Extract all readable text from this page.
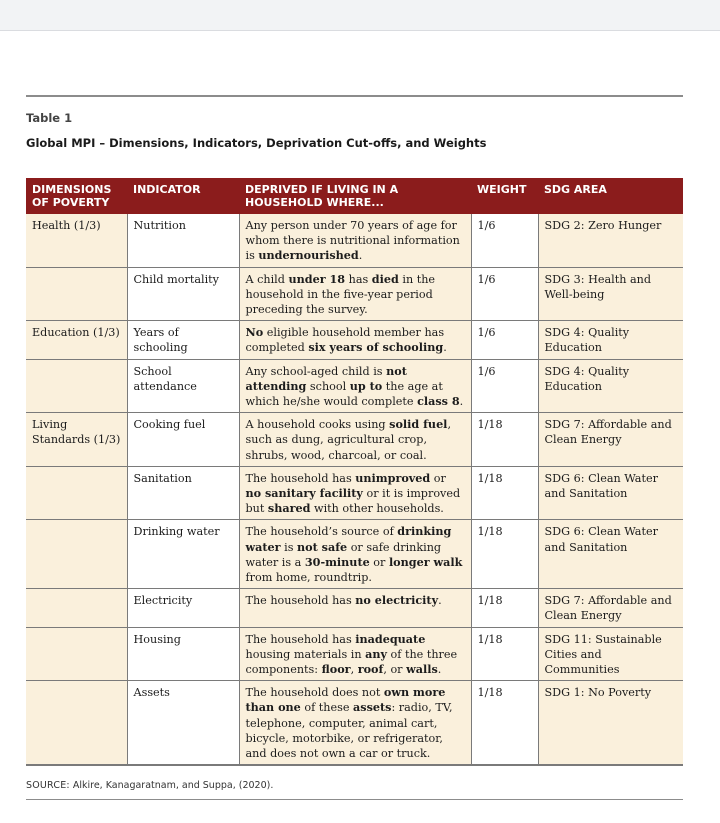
Table 1
Global MPI – Dimensions, Indicators, Deprivation Cut-offs, and Weights
DIMENSIONS OF POVERTY	INDICATOR	DEPRIVED IF LIVING IN A HOUSEHOLD WHERE...	WEIGHT	SDG AREA
Health (1/3)	Nutrition	Any person under 70 years of age for whom there is nutritional information is undernourished.	1/6	SDG 2: Zero Hunger
	Child mortality	A child under 18 has died in the household in the five-year period preceding the survey.	1/6	SDG 3: Health and Well-being
Education (1/3)	Years of schooling	No eligible household member has completed six years of schooling.	1/6	SDG 4: Quality Education
	School attendance	Any school-aged child is not attending school up to the age at which he/she would complete class 8.	1/6	SDG 4: Quality Education
Living Standards (1/3)	Cooking fuel	A household cooks using solid fuel, such as dung, agricultural crop, shrubs, wood, charcoal, or coal.	1/18	SDG 7: Affordable and Clean Energy
	Sanitation	The household has unimproved or no sanitary facility or it is improved but shared with other households.	1/18	SDG 6: Clean Water and Sanitation
	Drinking water	The household’s source of drinking water is not safe or safe drinking water is a 30-minute or longer walk from home, roundtrip.	1/18	SDG 6: Clean Water and Sanitation
	Electricity	The household has no electricity.	1/18	SDG 7: Affordable and Clean Energy
	Housing	The household has inadequate housing materials in any of the three components: floor, roof, or walls.	1/18	SDG 11: Sustainable Cities and Communities
	Assets	The household does not own more than one of these assets: radio, TV, telephone, computer, animal cart, bicycle, motorbike, or refrigerator, and does not own a car or truck.	1/18	SDG 1: No Poverty
SOURCE: Alkire, Kanagaratnam, and Suppa, (2020).
